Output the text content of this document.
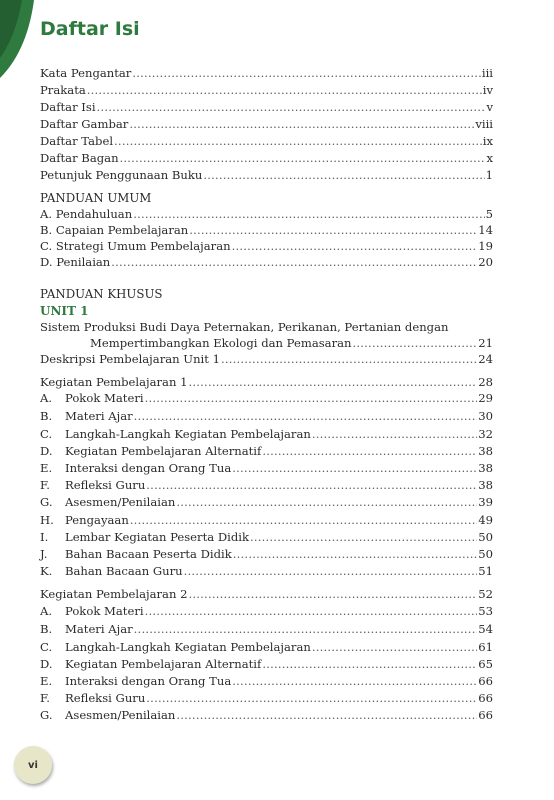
Daftar Isi
Kata Pengantar .....	iii
Prakata .....	iv
Daftar Isi .....	v
Daftar Gambar .....	viii
Daftar Tabel .....	ix
Daftar Bagan .....	x
Petunjuk Penggunaan Buku .....	1
PANDUAN UMUM
A. Pendahuluan .....	5
B. Capaian Pembelajaran .....	14
C. Strategi Umum Pembelajaran .....	19
D. Penilaian .....	20
PANDUAN KHUSUS
UNIT 1
Sistem Produksi Budi Daya Peternakan, Perikanan, Pertanian dengan
Mempertimbangkan Ekologi dan Pemasaran .....	21
Deskripsi Pembelajaran Unit 1 .....	24
Kegiatan Pembelajaran 1 .....	28
A. Pokok Materi .....	29
B. Materi Ajar .....	30
C. Langkah-Langkah Kegiatan Pembelajaran .....	32
D. Kegiatan Pembelajaran Alternatif .....	38
E. Interaksi dengan Orang Tua .....	38
F. Refleksi Guru .....	38
G. Asesmen/Penilaian .....	39
H. Pengayaan .....	49
I. Lembar Kegiatan Peserta Didik .....	50
J. Bahan Bacaan Peserta Didik .....	50
K. Bahan Bacaan Guru .....	51
Kegiatan Pembelajaran 2 .....	52
A. Pokok Materi .....	53
B. Materi Ajar .....	54
C. Langkah-Langkah Kegiatan Pembelajaran .....	61
D. Kegiatan Pembelajaran Alternatif .....	65
E. Interaksi dengan Orang Tua .....	66
F. Refleksi Guru .....	66
G. Asesmen/Penilaian .....	66
vi
